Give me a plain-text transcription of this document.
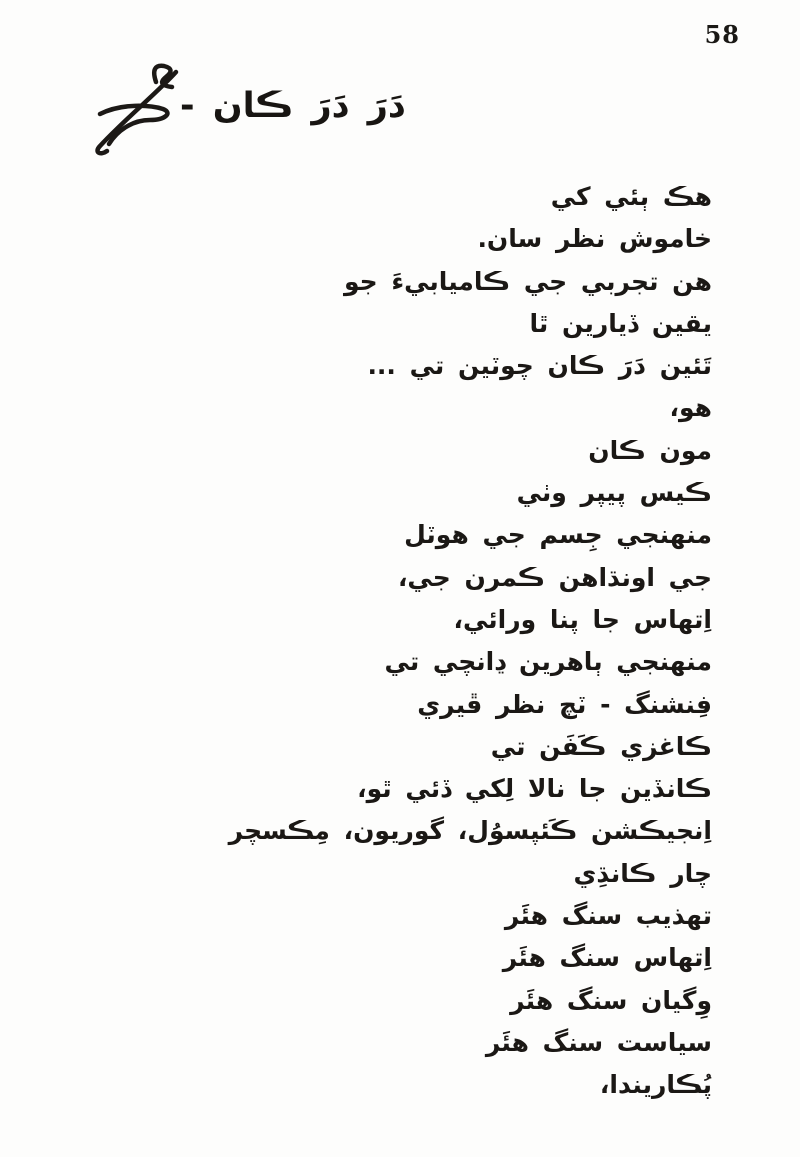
58
دَرَ دَرَ ڪان -
هڪ ٻئي کي
خاموش نظر سان.
هن تجربي جي ڪاميابيءَ جو
يقين ڏيارين ٿا
تَئين دَرَ ڪان چوٽين تي ...
هو،
مون ڪان
ڪيس پيپر وٺي
منهنجي جِسم جي هوٽل
جي اونڌاهن ڪمرن جي،
اِتهاس جا پنا ورائي،
منهنجي ٻاهرين ڍانچي تي
فِنشنگ - ٽچ نظر ڦيري
ڪاغزي ڪَفَن تي
ڪانڏين جا نالا لِکي ڏئي ٿو،
اِنجيڪشن ڪَئپسوُل، گوريون، مِڪسچر
چار ڪانڌِي
تهذيب سنگ هئَر
اِتهاس سنگ هئَر
وِگيان سنگ هئَر
سياست سنگ هئَر
پُڪاريندا،
